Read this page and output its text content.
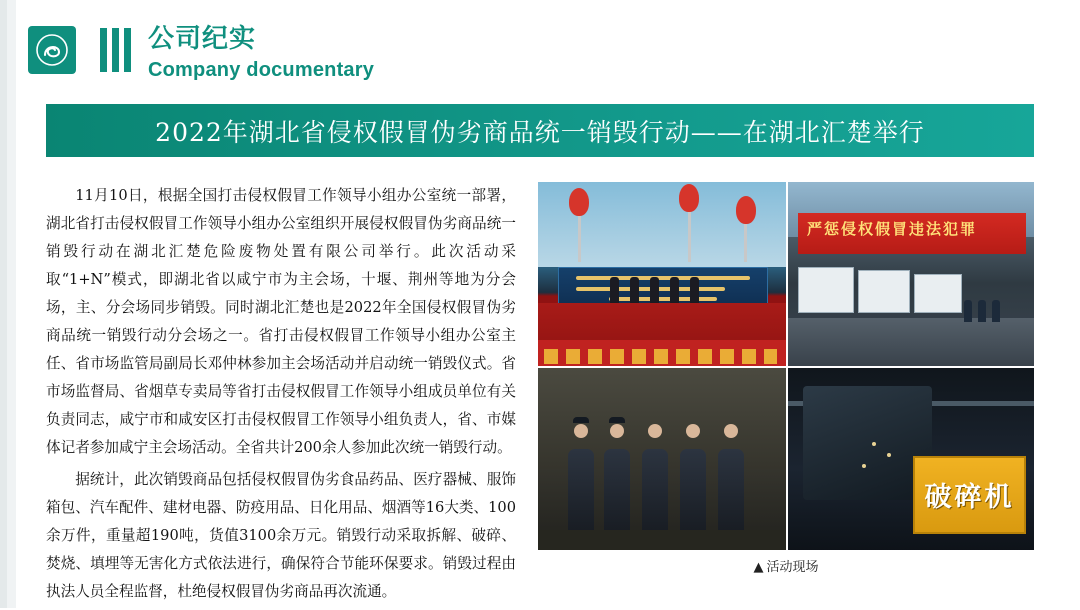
公司纪实
Company documentary
2022年湖北省侵权假冒伪劣商品统一销毁行动——在湖北汇楚举行

11月10日，根据全国打击侵权假冒工作领导小组办公室统一部署，湖北省打击侵权假冒工作领导小组办公室组织开展侵权假冒伪劣商品统一销毁行动在湖北汇楚危险废物处置有限公司举行。此次活动采取“1+N”模式，即湖北省以咸宁市为主会场，十堰、荆州等地为分会场，主、分会场同步销毁。同时湖北汇楚也是2022年全国侵权假冒伪劣商品统一销毁行动分会场之一。省打击侵权假冒工作领导小组办公室主任、省市场监管局副局长邓仲林参加主会场活动并启动统一销毁仪式。省市场监督局、省烟草专卖局等省打击侵权假冒工作领导小组成员单位有关负责同志，咸宁市和咸安区打击侵权假冒工作领导小组负责人，省、市媒体记者参加咸宁主会场活动。全省共计200余人参加此次统一销毁行动。

据统计，此次销毁商品包括侵权假冒伪劣食品药品、医疗器械、服饰箱包、汽车配件、建材电器、防疫用品、日化用品、烟酒等16大类、100余万件，重量超190吨，货值3100余万元。销毁行动采取拆解、破碎、焚烧、填埋等无害化方式依法进行，确保符合节能环保要求。销毁过程由执法人员全程监督，杜绝侵权假冒伪劣商品再次流通。

严惩侵权假冒违法犯罪
破碎机
▲ 活动现场
